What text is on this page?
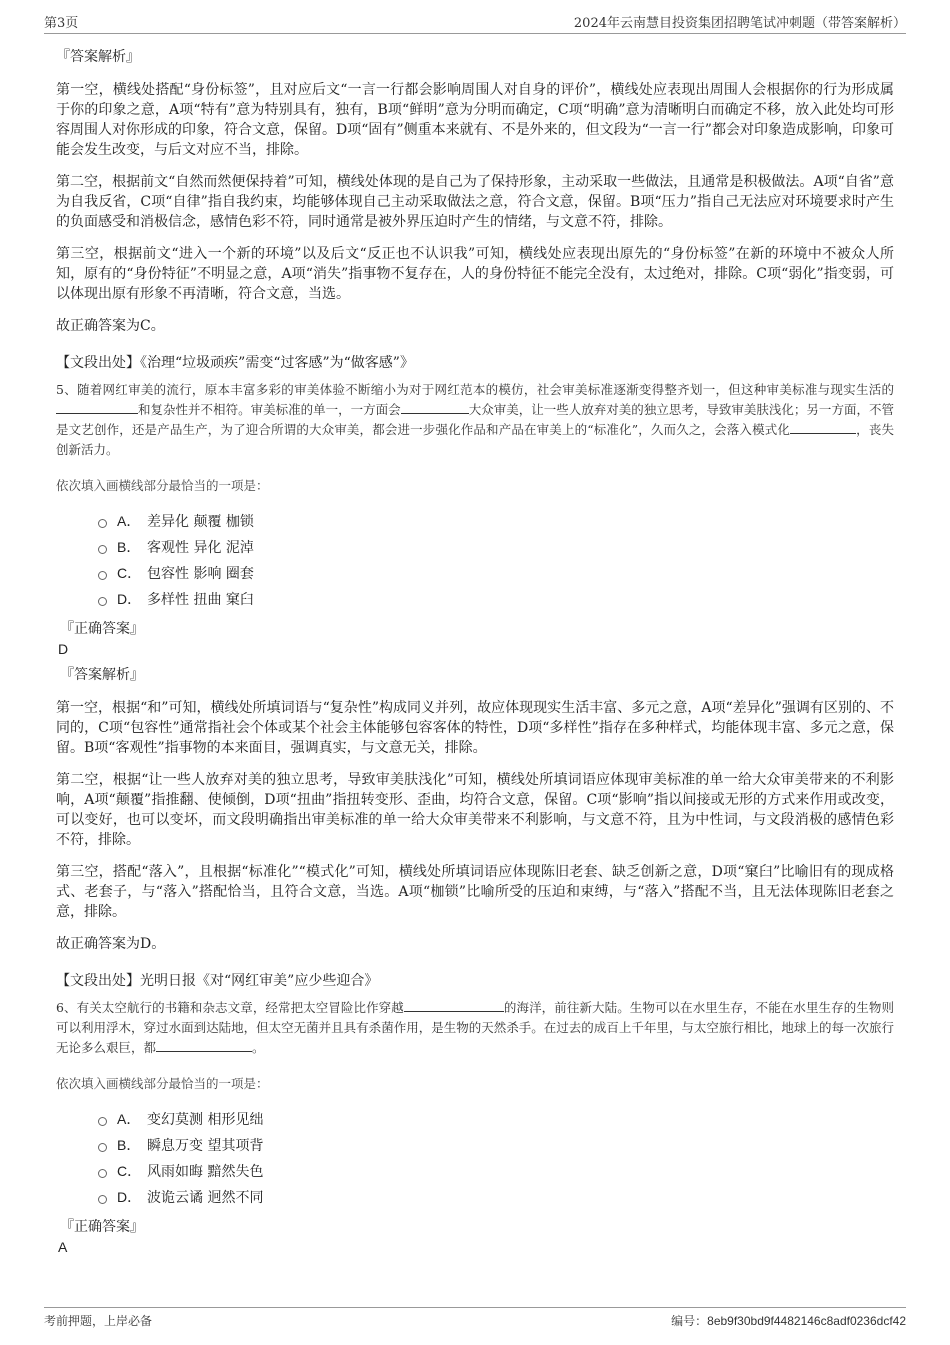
第3页	2024年云南慧目投资集团招聘笔试冲刺题（带答案解析）
『答案解析』

第一空，横线处搭配“身份标签”，且对应后文“一言一行都会影响周围人对自身的评价”，横线处应表现出周围人会根据你的行为形成属于你的印象之意，A项“特有”意为特别具有，独有，B项“鲜明”意为分明而确定，C项“明确”意为清晰明白而确定不移，放入此处均可形容周围人对你形成的印象，符合文意，保留。D项“固有”侧重本来就有、不是外来的，但文段为“一言一行”都会对印象造成影响，印象可能会发生改变，与后文对应不当，排除。

第二空，根据前文“自然而然便保持着”可知，横线处体现的是自己为了保持形象，主动采取一些做法，且通常是积极做法。A项“自省”意为自我反省，C项“自律”指自我约束，均能够体现自己主动采取做法之意，符合文意，保留。B项“压力”指自己无法应对环境要求时产生的负面感受和消极信念，感情色彩不符，同时通常是被外界压迫时产生的情绪，与文意不符，排除。

第三空，根据前文“进入一个新的环境”以及后文“反正也不认识我”可知，横线处应表现出原先的“身份标签”在新的环境中不被众人所知，原有的“身份特征”不明显之意，A项“消失”指事物不复存在，人的身份特征不能完全没有，太过绝对，排除。C项“弱化”指变弱，可以体现出原有形象不再清晰，符合文意，当选。

故正确答案为C。

【文段出处】《治理“垃圾顽疾”需变“过客感”为“做客感”》

5、随着网红审美的流行，原本丰富多彩的审美体验不断缩小为对于网红范本的模仿，社会审美标准逐渐变得整齐划一，但这种审美标准与现实生活的和复杂性并不相符。审美标准的单一，一方面会	大众审美，让一些人放弃对美的独立思考，导致审美肤浅化；另一方面，不管是文艺创作，还是产品生产，为了迎合所谓的大众审美，都会进一步强化作品和产品在审美上的“标准化”，久而久之，会落入模式化	，丧失创新活力。

依次填入画横线部分最恰当的一项是：

A． 差异化 颠覆 枷锁
B． 客观性 异化 泥淖
C． 包容性 影响 圈套
D． 多样性 扭曲 窠臼
『正确答案』
D
『答案解析』

第一空，根据“和”可知，横线处所填词语与“复杂性”构成同义并列，故应体现现实生活丰富、多元之意，A项“差异化”强调有区别的、不同的，C项“包容性”通常指社会个体或某个社会主体能够包容客体的特性，D项“多样性”指存在多种样式，均能体现丰富、多元之意，保留。B项“客观性”指事物的本来面目，强调真实，与文意无关，排除。

第二空，根据“让一些人放弃对美的独立思考，导致审美肤浅化”可知，横线处所填词语应体现审美标准的单一给大众审美带来的不利影响，A项“颠覆”指推翻、使倾倒，D项“扭曲”指扭转变形、歪曲，均符合文意，保留。C项“影响”指以间接或无形的方式来作用或改变，可以变好，也可以变坏，而文段明确指出审美标准的单一给大众审美带来不利影响，与文意不符，且为中性词，与文段消极的感情色彩不符，排除。

第三空，搭配“落入”，且根据“标准化”“模式化”可知，横线处所填词语应体现陈旧老套、缺乏创新之意，D项“窠臼”比喻旧有的现成格式、老套子，与“落入”搭配恰当，且符合文意，当选。A项“枷锁”比喻所受的压迫和束缚，与“落入”搭配不当，且无法体现陈旧老套之意，排除。

故正确答案为D。

【文段出处】光明日报《对“网红审美”应少些迎合》

6、有关太空航行的书籍和杂志文章，经常把太空冒险比作穿越	的海洋，前往新大陆。生物可以在水里生存，不能在水里生存的生物则可以利用浮木，穿过水面到达陆地，但太空无菌并且具有杀菌作用，是生物的天然杀手。在过去的成百上千年里，与太空旅行相比，地球上的每一次旅行无论多么艰巨，都	。

依次填入画横线部分最恰当的一项是：

A． 变幻莫测 相形见绌
B． 瞬息万变 望其项背
C． 风雨如晦 黯然失色
D． 波诡云谲 迥然不同
『正确答案』
A
考前押题，上岸必备	编号：8eb9f30bd9f4482146c8adf0236dcf42
